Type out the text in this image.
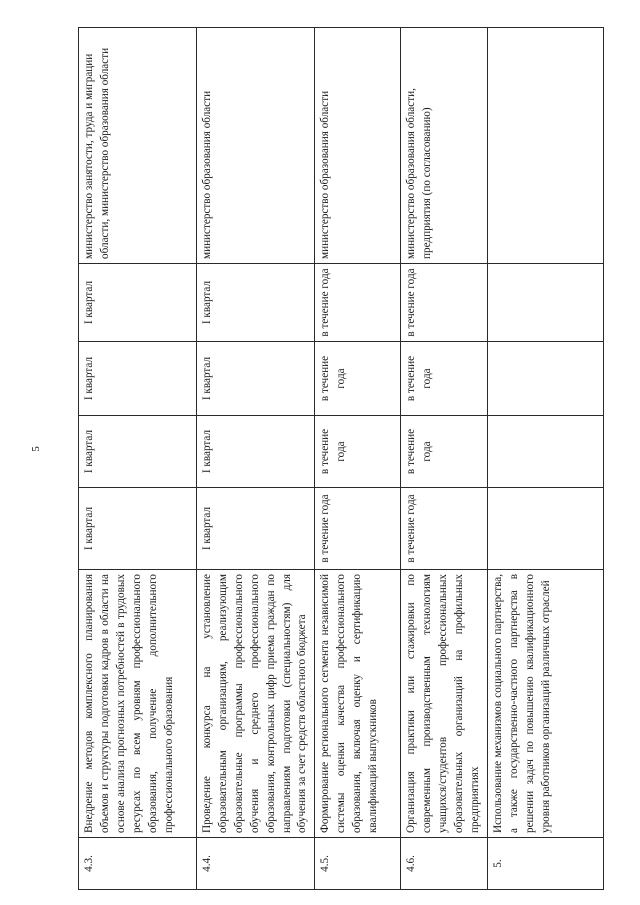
5
4.3.	Внедрение методов комплексного планирования объемов и структуры подготовки кадров в области на основе анализа прогнозных потребностей в трудовых ресурсах по всем уровням профессионального образования, получение дополнительного профессионального образования	I квартал	I квартал	I квартал	I квартал	министерство занятости, труда и миграции области, министерство образования области
4.4.	Проведение конкурса на установление образовательным организациям, реализующим образовательные программы профессионального обучения и среднего профессионального образования, контрольных цифр приема граждан по направлениям подготовки (специальностям) для обучения за счет средств областного бюджета	I квартал	I квартал	I квартал	I квартал	министерство образования области
4.5.	Формирование регионального сегмента независимой системы оценки качества профессионального образования, включая оценку и сертификацию квалификаций выпускников	в течение года	в течение года	в течение года	в течение года	министерство образования области
4.6.	Организация практики или стажировки по современным производственным технологиям учащихся/студентов профессиональных образовательных организаций на профильных предприятиях	в течение года	в течение года	в течение года	в течение года	министерство образования области, предприятия (по согласованию)
5.	Использование механизмов социального партнерства, а также государственно-частного партнерства в решении задач по повышению квалификационного уровня работников организаций различных отраслей					
